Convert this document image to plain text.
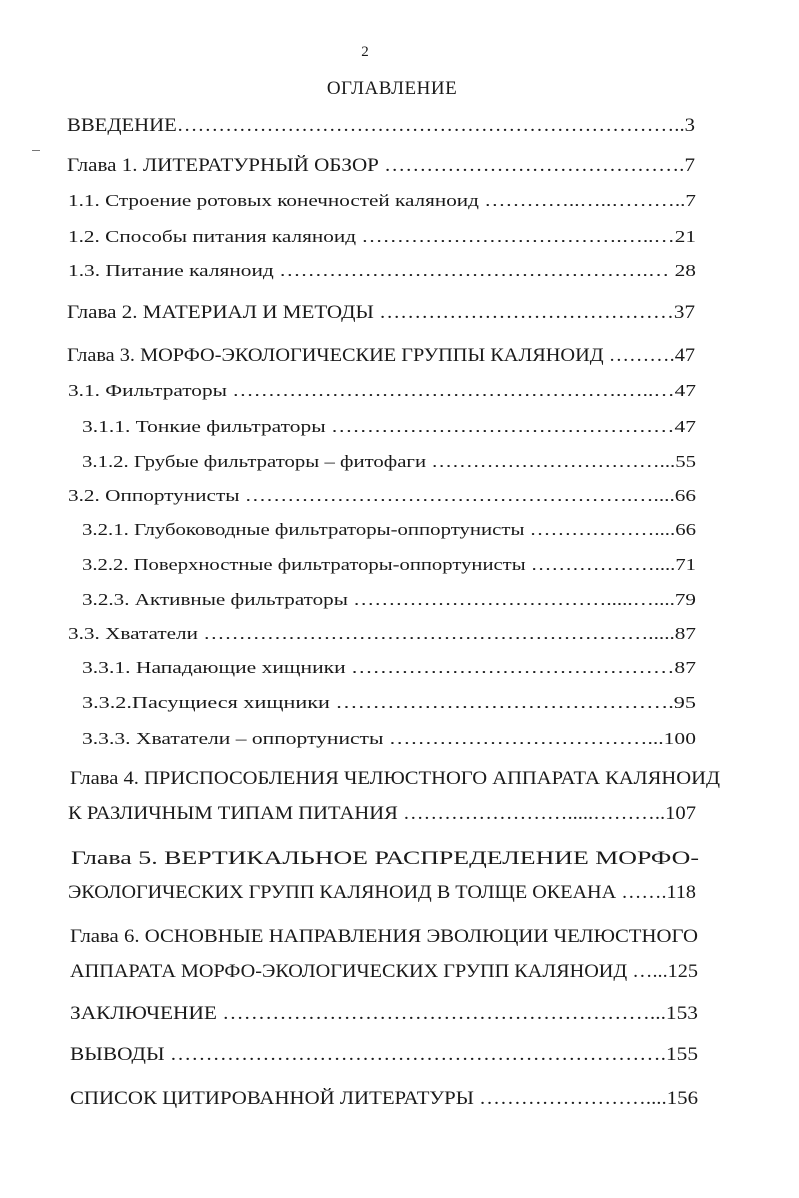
2
ОГЛАВЛЕНИЕ
ВВЕДЕНИЕ………………………………………………………………..3
Глава 1. ЛИТЕРАТУРНЫЙ ОБЗОР …………………………………….7
1.1. Строение ротовых конечностей каляноид …………..…..………..7
1.2. Способы питания каляноид ……………………………….…..…21
1.3. Питание каляноид …………………………………………….… 28
Глава 2. МАТЕРИАЛ И МЕТОДЫ ……………………………………37
Глава 3. МОРФО-ЭКОЛОГИЧЕСКИЕ ГРУППЫ КАЛЯНОИД ……….47
3.1. Фильтраторы ……………………………………………….…..…47
3.1.1. Тонкие фильтраторы …………………………………………47
3.1.2. Грубые фильтраторы – фитофаги ……………………………...55
3.2. Оппортунисты ……………………………………………….…....66
3.2.1. Глубоководные фильтраторы-оппортунисты ………………....66
3.2.2. Поверхностные фильтраторы-оппортунисты ………………....71
3.2.3. Активные фильтраторы ……………………………….....…....79
3.3. Хвататели ……………………………………………………….....87
3.3.1. Нападающие хищники ………………………………………87
3.3.2.Пасущиеся хищники ……………………………………….95
3.3.3. Хвататели – оппортунисты ………………………………...100
Глава 4. ПРИСПОСОБЛЕНИЯ ЧЕЛЮСТНОГО АППАРАТА КАЛЯНОИД
К РАЗЛИЧНЫМ ТИПАМ ПИТАНИЯ …………………….....………..107
Глава 5. ВЕРТИКАЛЬНОЕ РАСПРЕДЕЛЕНИЕ МОРФО-
ЭКОЛОГИЧЕСКИХ ГРУПП КАЛЯНОИД В ТОЛЩЕ ОКЕАНА …….118
Глава 6. ОСНОВНЫЕ НАПРАВЛЕНИЯ ЭВОЛЮЦИИ ЧЕЛЮСТНОГО
АППАРАТА МОРФО-ЭКОЛОГИЧЕСКИХ ГРУПП КАЛЯНОИД …...125
ЗАКЛЮЧЕНИЕ ……………………………………………………...153
ВЫВОДЫ …………………………………………………………….155
СПИСОК ЦИТИРОВАННОЙ ЛИТЕРАТУРЫ ……………………....156
